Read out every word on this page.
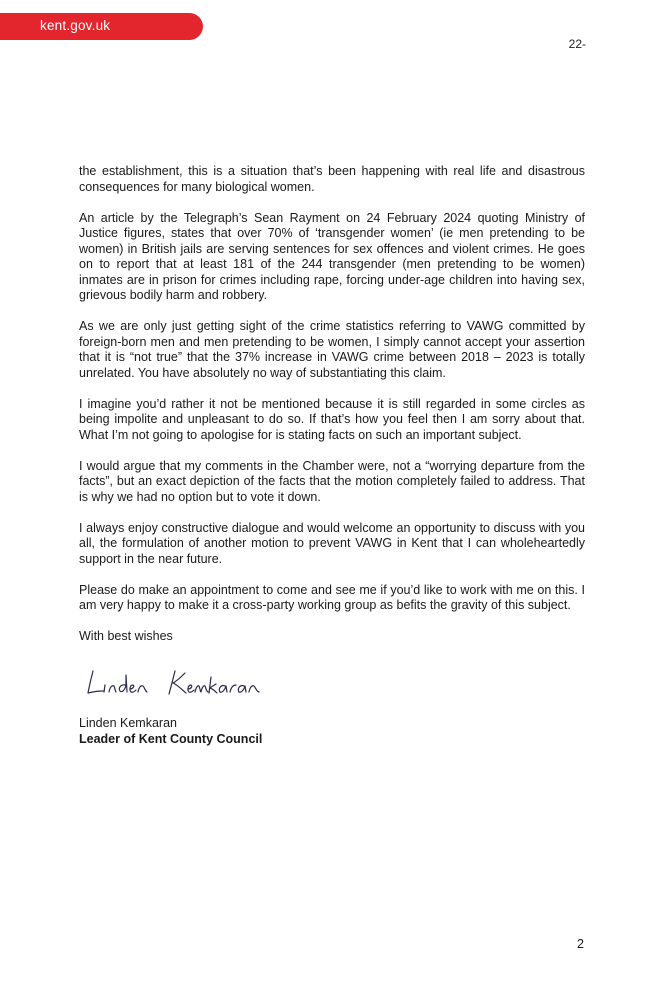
kent.gov.uk
22-

the establishment, this is a situation that’s been happening with real life and disastrous consequences for many biological women.

An article by the Telegraph’s Sean Rayment on 24 February 2024 quoting Ministry of Justice figures, states that over 70% of ‘transgender women’ (ie men pretending to be women) in British jails are serving sentences for sex offences and violent crimes. He goes on to report that at least 181 of the 244 transgender (men pretending to be women) inmates are in prison for crimes including rape, forcing under-age children into having sex, grievous bodily harm and robbery.

As we are only just getting sight of the crime statistics referring to VAWG committed by foreign-born men and men pretending to be women, I simply cannot accept your assertion that it is “not true” that the 37% increase in VAWG crime between 2018 – 2023 is totally unrelated. You have absolutely no way of substantiating this claim.

I imagine you’d rather it not be mentioned because it is still regarded in some circles as being impolite and unpleasant to do so. If that’s how you feel then I am sorry about that. What I’m not going to apologise for is stating facts on such an important subject.

I would argue that my comments in the Chamber were, not a “worrying departure from the facts”, but an exact depiction of the facts that the motion completely failed to address. That is why we had no option but to vote it down.

I always enjoy constructive dialogue and would welcome an opportunity to discuss with you all, the formulation of another motion to prevent VAWG in Kent that I can wholeheartedly support in the near future.

Please do make an appointment to come and see me if you’d like to work with me on this. I am very happy to make it a cross-party working group as befits the gravity of this subject.

With best wishes

Linden Kemkaran
Leader of Kent County Council
2
